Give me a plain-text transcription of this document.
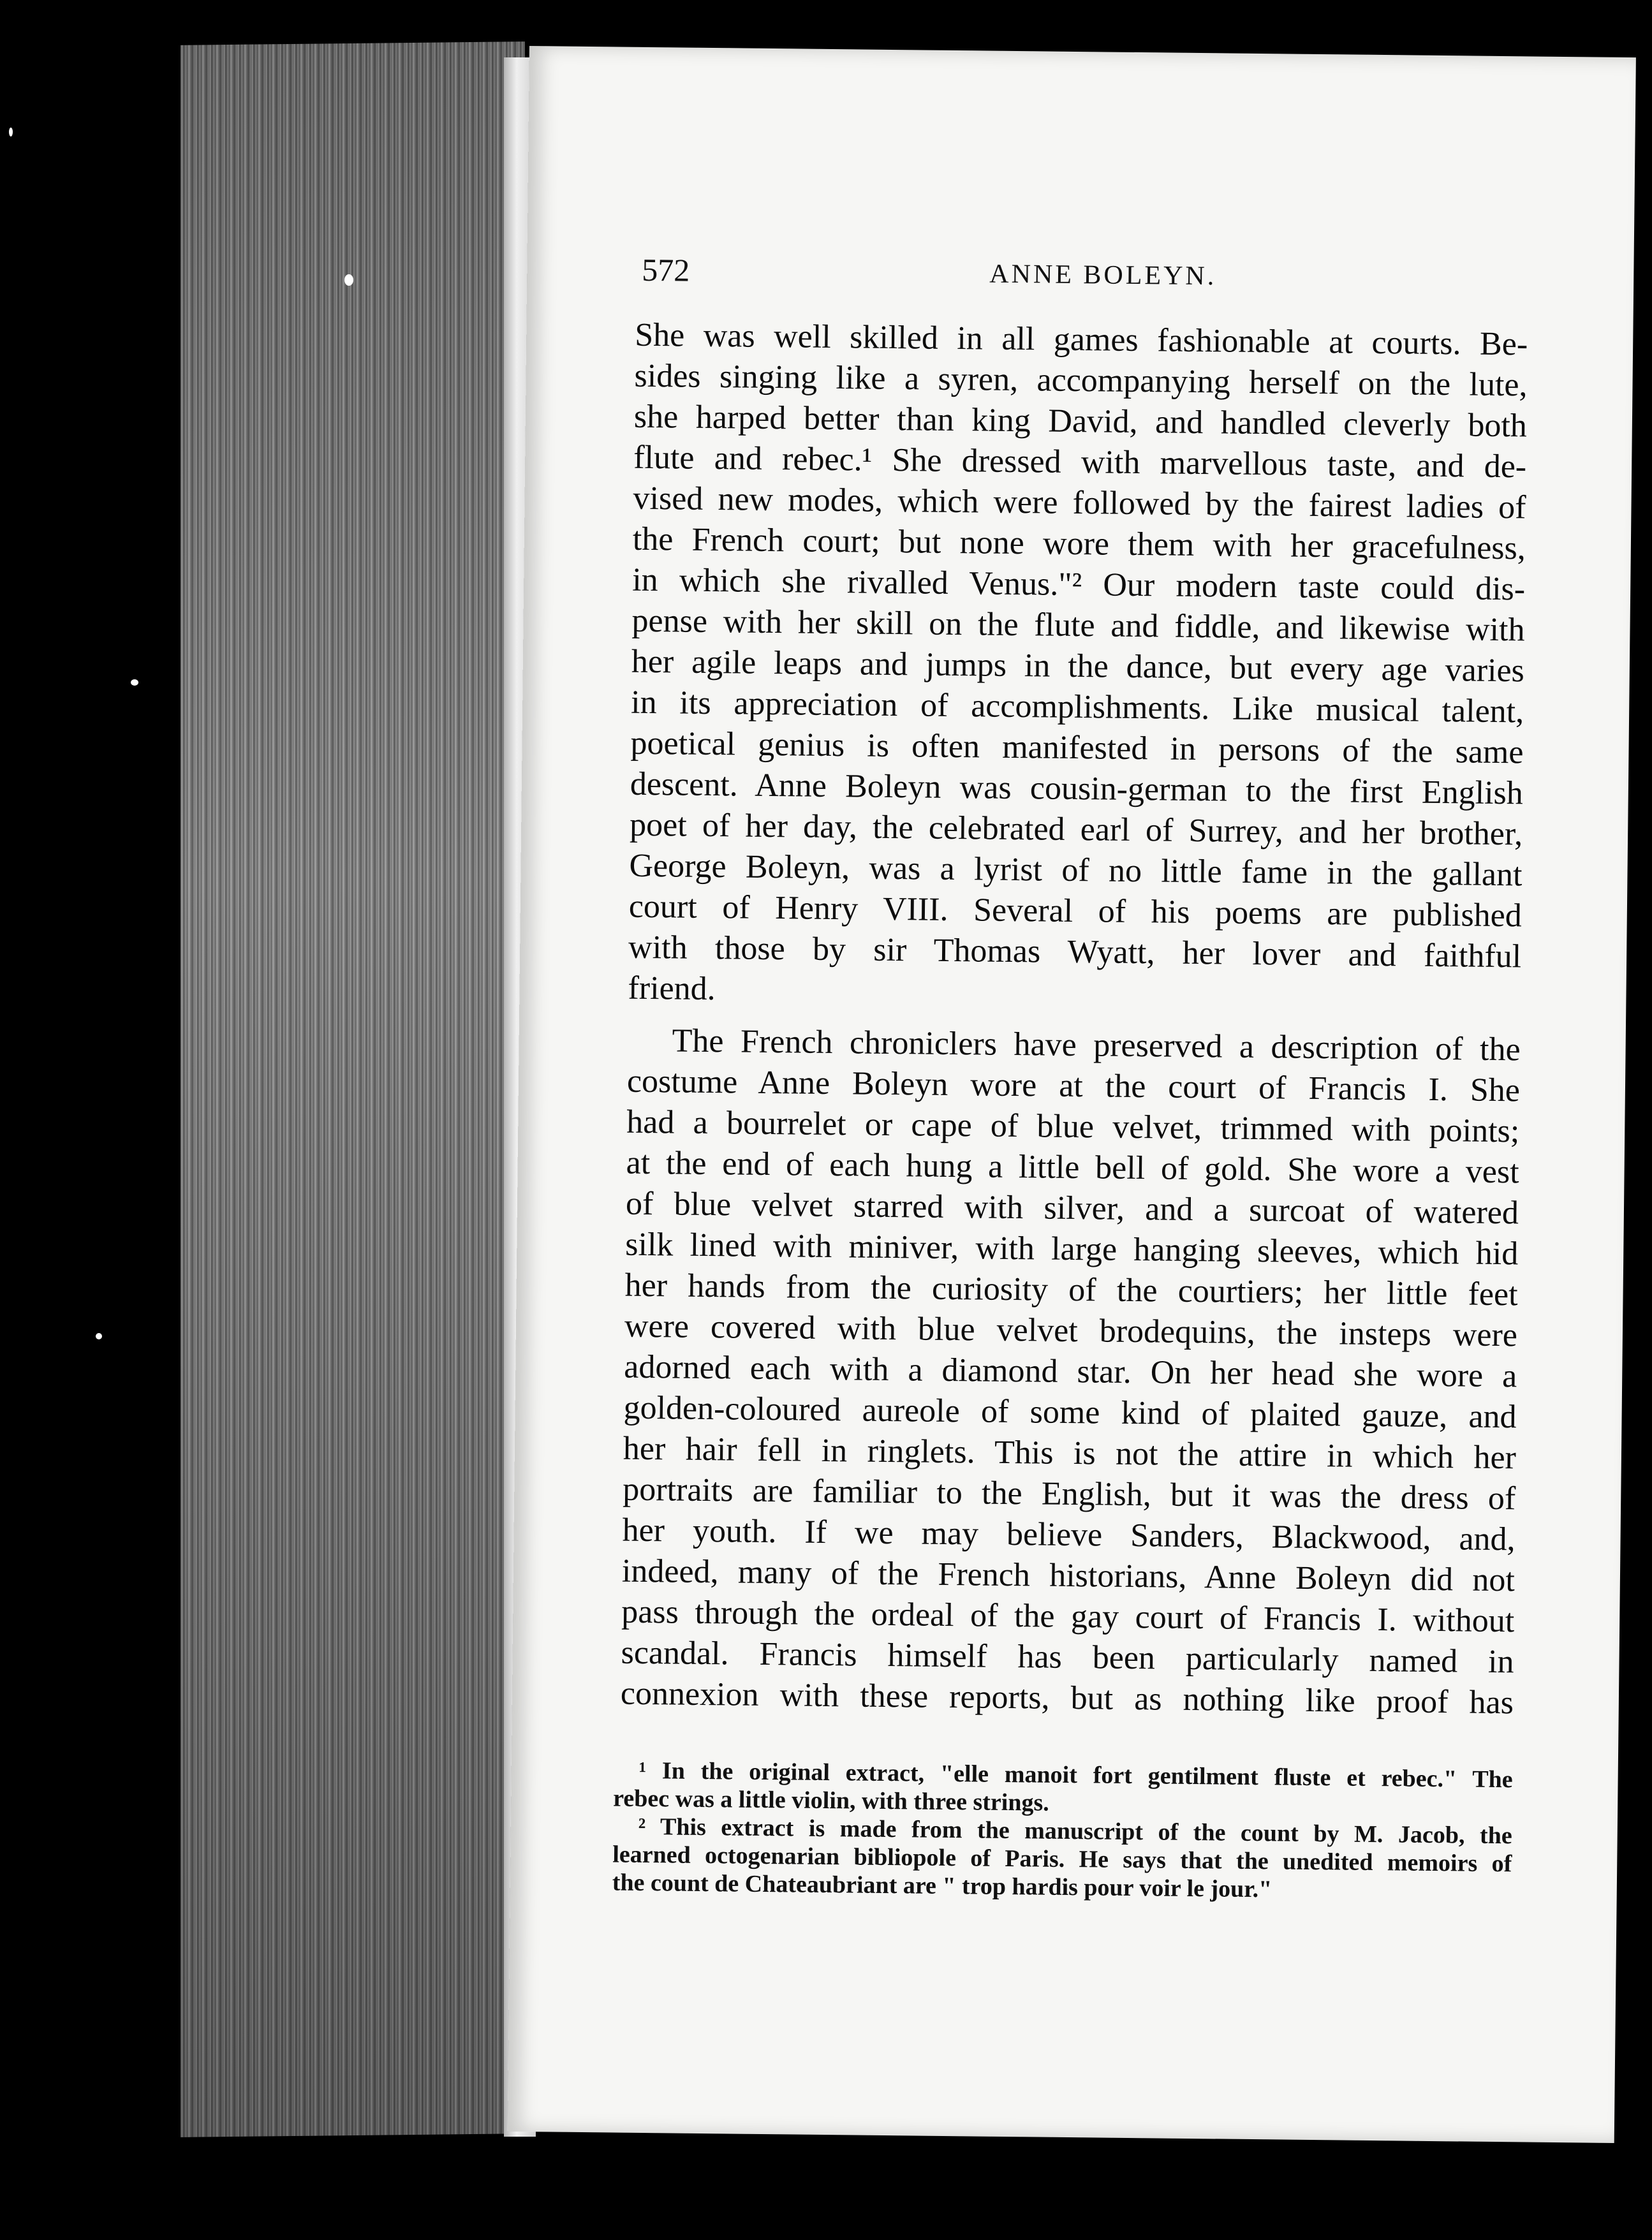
572	ANNE BOLEYN.
She was well skilled in all games fashionable at courts. Be-
sides singing like a syren, accompanying herself on the lute,
she harped better than king David, and handled cleverly both
flute and rebec.¹ She dressed with marvellous taste, and de-
vised new modes, which were followed by the fairest ladies of
the French court; but none wore them with her gracefulness,
in which she rivalled Venus."² Our modern taste could dis-
pense with her skill on the flute and fiddle, and likewise with
her agile leaps and jumps in the dance, but every age varies
in its appreciation of accomplishments. Like musical talent,
poetical genius is often manifested in persons of the same
descent. Anne Boleyn was cousin-german to the first English
poet of her day, the celebrated earl of Surrey, and her brother,
George Boleyn, was a lyrist of no little fame in the gallant
court of Henry VIII. Several of his poems are published
with those by sir Thomas Wyatt, her lover and faithful
friend.
The French chroniclers have preserved a description of the
costume Anne Boleyn wore at the court of Francis I. She
had a bourrelet or cape of blue velvet, trimmed with points;
at the end of each hung a little bell of gold. She wore a vest
of blue velvet starred with silver, and a surcoat of watered
silk lined with miniver, with large hanging sleeves, which hid
her hands from the curiosity of the courtiers; her little feet
were covered with blue velvet brodequins, the insteps were
adorned each with a diamond star. On her head she wore a
golden-coloured aureole of some kind of plaited gauze, and
her hair fell in ringlets. This is not the attire in which her
portraits are familiar to the English, but it was the dress of
her youth. If we may believe Sanders, Blackwood, and,
indeed, many of the French historians, Anne Boleyn did not
pass through the ordeal of the gay court of Francis I. without
scandal. Francis himself has been particularly named in
connexion with these reports, but as nothing like proof has
¹ In the original extract, "elle manoit fort gentilment fluste et rebec." The
rebec was a little violin, with three strings.
² This extract is made from the manuscript of the count by M. Jacob, the
learned octogenarian bibliopole of Paris. He says that the unedited memoirs of
the count de Chateaubriant are " trop hardis pour voir le jour."
